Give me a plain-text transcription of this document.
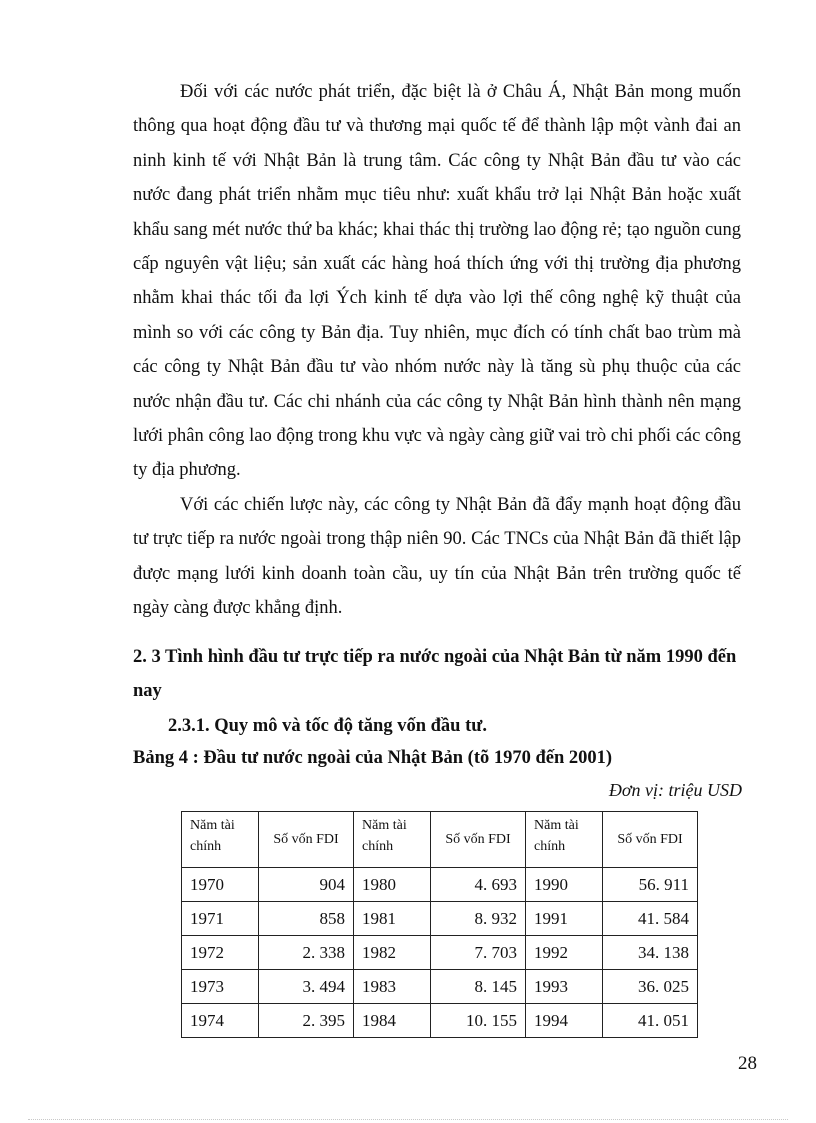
Đối với các nước phát triển, đặc biệt là ở Châu Á, Nhật Bản mong muốn thông qua hoạt động đầu tư và thương mại quốc tế để thành lập một vành đai an ninh kinh tế với Nhật Bản là trung tâm. Các công ty Nhật Bản đầu tư vào các nước đang phát triển nhằm mục tiêu như: xuất khẩu trở lại Nhật Bản hoặc xuất khẩu sang mét nước thứ ba khác; khai thác thị trường lao động rẻ; tạo nguồn cung cấp nguyên vật liệu; sản xuất các hàng hoá thích ứng với thị trường địa phương nhằm khai thác tối đa lợi Ých kinh tế dựa vào lợi thế công nghệ kỹ thuật của mình so với các công ty Bản địa. Tuy nhiên, mục đích có tính chất bao trùm mà các công ty Nhật Bản đầu tư vào nhóm nước này là tăng sù phụ thuộc của các nước nhận đầu tư. Các chi nhánh của các công ty Nhật Bản hình thành nên mạng lưới phân công lao động trong khu vực và ngày càng giữ vai trò chi phối các công ty địa phương.

Với các chiến lược này, các công ty Nhật Bản đã đẩy mạnh hoạt động đầu tư trực tiếp ra nước ngoài trong thập niên 90. Các TNCs của Nhật Bản đã thiết lập được mạng lưới kinh doanh toàn cầu, uy tín của Nhật Bản trên trường quốc tế ngày càng được khẳng định.

2. 3 Tình hình đầu tư trực tiếp ra nước ngoài của Nhật Bản từ năm 1990 đến nay

2.3.1. Quy mô và tốc độ tăng vốn đầu tư.

Bảng 4 : Đầu tư nước ngoài của Nhật Bản (tõ 1970 đến 2001)

Đơn vị: triệu USD
Năm tài chính	Số vốn FDI	Năm tài chính	Số vốn FDI	Năm tài chính	Số vốn FDI
1970	904	1980	4. 693	1990	56. 911
1971	858	1981	8. 932	1991	41. 584
1972	2. 338	1982	7. 703	1992	34. 138
1973	3. 494	1983	8. 145	1993	36. 025
1974	2. 395	1984	10. 155	1994	41. 051
28
